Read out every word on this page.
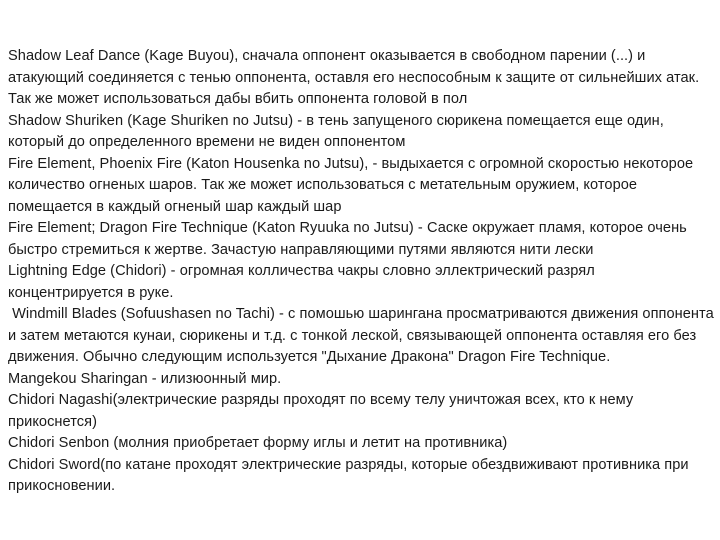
Shadow Leaf Dance (Kage Buyou), сначала оппонент оказывается в свободном парении (...) и атакующий соединяется с тенью оппонента, оставля его неспособным к защите от сильнейших атак. Так же может использоваться дабы вбить оппонента головой в пол

Shadow Shuriken (Kage Shuriken no Jutsu) - в тень запущеного сюрикена помещается еще один, который до определенного времени не виден оппонентом

Fire Element, Phoenix Fire (Katon Housenka no Jutsu), - выдыхается с огромной скоростью некоторое количество огненых шаров. Так же может использоваться с метательным оружием, которое помещается в каждый огненый шар каждый шар

Fire Element; Dragon Fire Technique (Katon Ryuuka no Jutsu) - Саске окружает пламя, которое очень быстро стремиться к жертве. Зачастую направляющими путями являются нити лески

Lightning Edge (Chidori) - огромная колличества чакры словно эллектрический разрял концентрируется в руке.

Windmill Blades (Sofuushasen no Tachi) - с помошью шарингана просматриваются движения оппонента и затем метаются кунаи, сюрикены и т.д. с тонкой леской, связывающей оппонента оставляя его без движения. Обычно следующим используется "Дыхание Дракона" Dragon Fire Technique.

Mangekou Sharingan - илизюонный мир.

Chidori Nagashi(электрические разряды проходят по всему телу уничтожая всех, кто к нему прикоснется)

Chidori Senbon (молния приобретает форму иглы и летит на противника)

Chidori Sword(по катане проходят электрические разряды, которые обездвиживают противника при прикосновении.
